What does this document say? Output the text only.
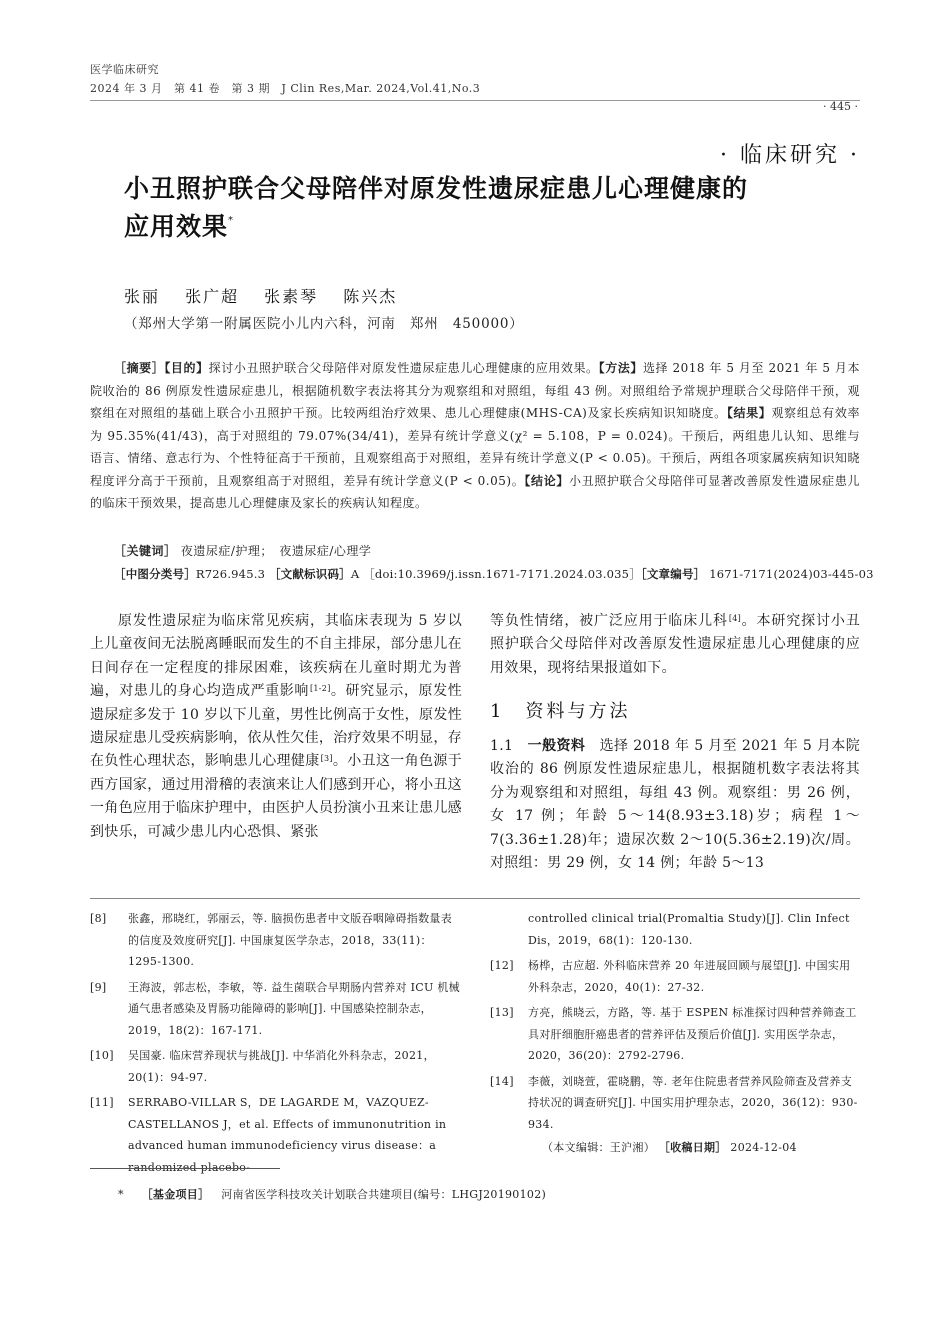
医学临床研究
2024 年 3 月　第 41 卷　第 3 期　J Clin Res,Mar. 2024,Vol.41,No.3
· 445 ·
· 临床研究 ·
小丑照护联合父母陪伴对原发性遗尿症患儿心理健康的
应用效果*
张丽　 张广超　 张素琴　 陈兴杰
（郑州大学第一附属医院小儿内六科，河南　郑州　450000）
［摘要］【目的】探讨小丑照护联合父母陪伴对原发性遗尿症患儿心理健康的应用效果。【方法】选择 2018 年 5 月至 2021 年 5 月本院收治的 86 例原发性遗尿症患儿，根据随机数字表法将其分为观察组和对照组，每组 43 例。对照组给予常规护理联合父母陪伴干预，观察组在对照组的基础上联合小丑照护干预。比较两组治疗效果、患儿心理健康(MHS-CA)及家长疾病知识知晓度。【结果】观察组总有效率为 95.35%(41/43)，高于对照组的 79.07%(34/41)，差异有统计学意义(χ² = 5.108，P = 0.024)。干预后，两组患儿认知、思维与语言、情绪、意志行为、个性特征高于干预前，且观察组高于对照组，差异有统计学意义(P < 0.05)。干预后，两组各项家属疾病知识知晓程度评分高于干预前，且观察组高于对照组，差异有统计学意义(P < 0.05)。【结论】小丑照护联合父母陪伴可显著改善原发性遗尿症患儿的临床干预效果，提高患儿心理健康及家长的疾病认知程度。
［关键词］ 夜遗尿症/护理；　夜遗尿症/心理学
［中图分类号］R726.945.3 ［文献标识码］A ［doi:10.3969/j.issn.1671-7171.2024.03.035］［文章编号］ 1671-7171(2024)03-445-03
原发性遗尿症为临床常见疾病，其临床表现为 5 岁以上儿童夜间无法脱离睡眠而发生的不自主排尿，部分患儿在日间存在一定程度的排尿困难，该疾病在儿童时期尤为普遍，对患儿的身心均造成严重影响[1-2]。研究显示，原发性遗尿症多发于 10 岁以下儿童，男性比例高于女性，原发性遗尿症患儿受疾病影响，依从性欠佳，治疗效果不明显，存在负性心理状态，影响患儿心理健康[3]。小丑这一角色源于西方国家，通过用滑稽的表演来让人们感到开心，将小丑这一角色应用于临床护理中，由医护人员扮演小丑来让患儿感到快乐，可减少患儿内心恐惧、紧张
等负性情绪，被广泛应用于临床儿科[4]。本研究探讨小丑照护联合父母陪伴对改善原发性遗尿症患儿心理健康的应用效果，现将结果报道如下。
1　资料与方法
1.1　一般资料　选择 2018 年 5 月至 2021 年 5 月本院收治的 86 例原发性遗尿症患儿，根据随机数字表法将其分为观察组和对照组，每组 43 例。观察组：男 26 例，女 17 例；年龄 5～14(8.93±3.18)岁；病程 1～7(3.36±1.28)年；遗尿次数 2～10(5.36±2.19)次/周。对照组：男 29 例，女 14 例；年龄 5～13
[8] 张鑫，邢晓红，郭丽云，等. 脑损伤患者中文版吞咽障碍指数量表的信度及效度研究[J]. 中国康复医学杂志，2018，33(11)：1295-1300.
[9] 王海波，郭志松，李敏，等. 益生菌联合早期肠内营养对 ICU 机械通气患者感染及胃肠功能障碍的影响[J]. 中国感染控制杂志，2019，18(2)：167-171.
[10] 吴国豪. 临床营养现状与挑战[J]. 中华消化外科杂志，2021，20(1)：94-97.
[11] SERRABO-VILLAR S，DE LAGARDE M，VAZQUEZ-CASTELLANOS J，et al. Effects of immunonutrition in advanced human immunodeficiency virus disease：a randomized placebo-
controlled clinical trial(Promaltia Study)[J]. Clin Infect Dis，2019，68(1)：120-130.
[12] 杨桦，古应超. 外科临床营养 20 年进展回顾与展望[J]. 中国实用外科杂志，2020，40(1)：27-32.
[13] 方亮，熊晓云，方路，等. 基于 ESPEN 标准探讨四种营养筛查工具对肝细胞肝癌患者的营养评估及预后价值[J]. 实用医学杂志，2020，36(20)：2792-2796.
[14] 李薇，刘晓萱，霍晓鹏，等. 老年住院患者营养风险筛查及营养支持状况的调查研究[J]. 中国实用护理杂志，2020，36(12)：930-934.
（本文编辑：王沪湘） ［收稿日期］ 2024-12-04
* ［基金项目］ 河南省医学科技攻关计划联合共建项目(编号：LHGJ20190102)
